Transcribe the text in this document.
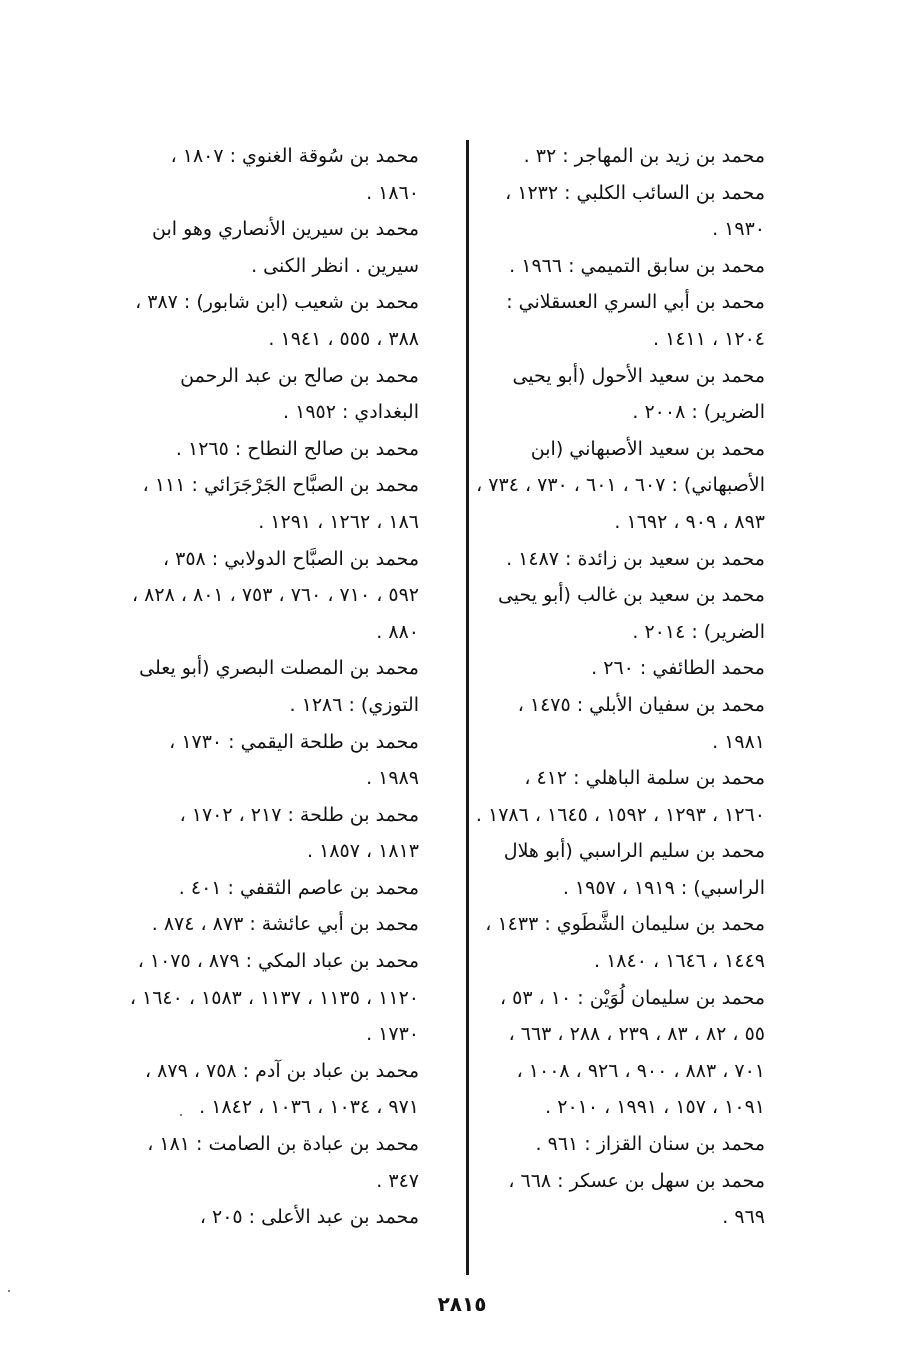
محمد بن زيد بن المهاجر : ٣٢ .
محمد بن السائب الكلبي : ١٢٣٢ ،
١٩٣٠ .
محمد بن سابق التميمي : ١٩٦٦ .
محمد بن أبي السري العسقلاني :
١٢٠٤ ، ١٤١١ .
محمد بن سعيد الأحول (أبو يحيى
الضرير) : ٢٠٠٨ .
محمد بن سعيد الأصبهاني (ابن
الأصبهاني) : ٦٠٧ ، ٦٠١ ، ٧٣٠ ، ٧٣٤ ،
٨٩٣ ، ٩٠٩ ، ١٦٩٢ .
محمد بن سعيد بن زائدة : ١٤٨٧ .
محمد بن سعيد بن غالب (أبو يحيى
الضرير) : ٢٠١٤ .
محمد الطائفي : ٢٦٠ .
محمد بن سفيان الأبلي : ١٤٧٥ ،
١٩٨١ .
محمد بن سلمة الباهلي : ٤١٢ ،
١٢٦٠ ، ١٢٩٣ ، ١٥٩٢ ، ١٦٤٥ ، ١٧٨٦ .
محمد بن سليم الراسبي (أبو هلال
الراسبي) : ١٩١٩ ، ١٩٥٧ .
محمد بن سليمان الشَّطَوي : ١٤٣٣ ،
١٤٤٩ ، ١٦٤٦ ، ١٨٤٠ .
محمد بن سليمان لُوَيْن : ١٠ ، ٥٣ ،
٥٥ ، ٨٢ ، ٨٣ ، ٢٣٩ ، ٢٨٨ ، ٦٦٣ ،
٧٠١ ، ٨٨٣ ، ٩٠٠ ، ٩٢٦ ، ١٠٠٨ ،
١٠٩١ ، ١٥٧ ، ١٩٩١ ، ٢٠١٠ .
محمد بن سنان القزاز : ٩٦١ .
محمد بن سهل بن عسكر : ٦٦٨ ،
٩٦٩ .
محمد بن سُوقة الغنوي : ١٨٠٧ ،
١٨٦٠ .
محمد بن سيرين الأنصاري وهو ابن
سيرين . انظر الكنى .
محمد بن شعيب (ابن شابور) : ٣٨٧ ،
٣٨٨ ، ٥٥٥ ، ١٩٤١ .
محمد بن صالح بن عبد الرحمن
البغدادي : ١٩٥٢ .
محمد بن صالح النطاح : ١٢٦٥ .
محمد بن الصبَّاح الجَرْجَرَائي : ١١١ ،
١٨٦ ، ١٢٦٢ ، ١٢٩١ .
محمد بن الصبَّاح الدولابي : ٣٥٨ ،
٥٩٢ ، ٧١٠ ، ٧٦٠ ، ٧٥٣ ، ٨٠١ ، ٨٢٨ ،
٨٨٠ .
محمد بن المصلت البصري (أبو يعلى
التوزي) : ١٢٨٦ .
محمد بن طلحة اليقمي : ١٧٣٠ ،
١٩٨٩ .
محمد بن طلحة : ٢١٧ ، ١٧٠٢ ،
١٨١٣ ، ١٨٥٧ .
محمد بن عاصم الثقفي : ٤٠١ .
محمد بن أبي عائشة : ٨٧٣ ، ٨٧٤ .
محمد بن عباد المكي : ٨٧٩ ، ١٠٧٥ ،
١١٢٠ ، ١١٣٥ ، ١١٣٧ ، ١٥٨٣ ، ١٦٤٠ ،
١٧٣٠ .
محمد بن عباد بن آدم : ٧٥٨ ، ٨٧٩ ،
٩٧١ ، ١٠٣٤ ، ١٠٣٦ ، ١٨٤٢ .
محمد بن عبادة بن الصامت : ١٨١ ،
٣٤٧ .
محمد بن عبد الأعلى : ٢٠٥ ،
٢٨١٥
